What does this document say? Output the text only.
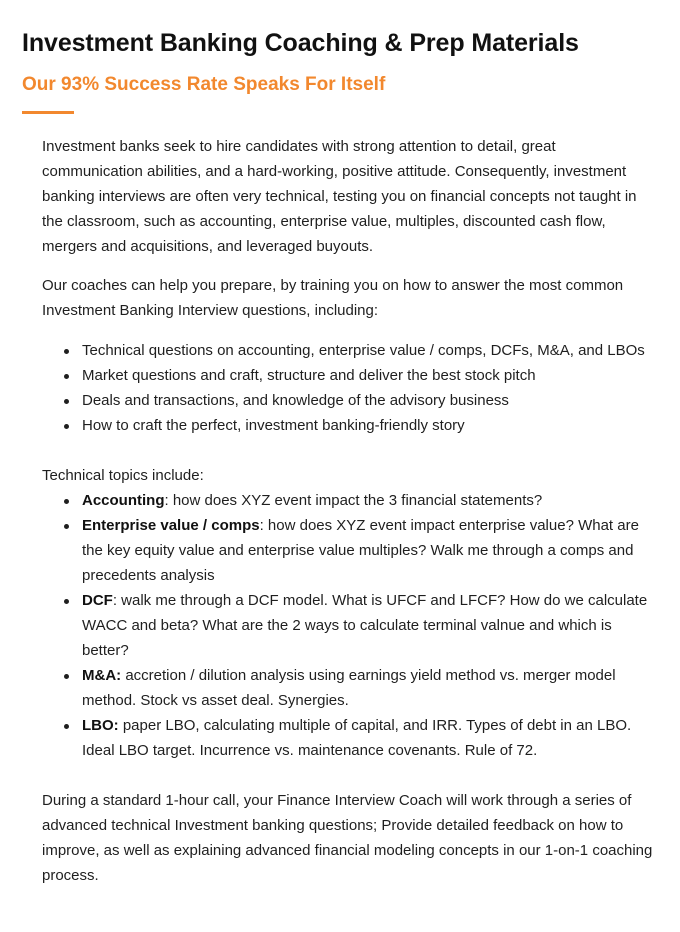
Investment Banking Coaching & Prep Materials
Our 93% Success Rate Speaks For Itself

Investment banks seek to hire candidates with strong attention to detail, great communication abilities, and a hard-working, positive attitude. Consequently, investment banking interviews are often very technical, testing you on financial concepts not taught in the classroom, such as accounting, enterprise value, multiples, discounted cash flow, mergers and acquisitions, and leveraged buyouts.

Our coaches can help you prepare, by training you on how to answer the most common Investment Banking Interview questions, including:

Technical questions on accounting, enterprise value / comps, DCFs, M&A, and LBOs
Market questions and craft, structure and deliver the best stock pitch
Deals and transactions, and knowledge of the advisory business
How to craft the perfect, investment banking-friendly story

Technical topics include:

Accounting: how does XYZ event impact the 3 financial statements?
Enterprise value / comps: how does XYZ event impact enterprise value? What are the key equity value and enterprise value multiples? Walk me through a comps and precedents analysis
DCF: walk me through a DCF model. What is UFCF and LFCF? How do we calculate WACC and beta? What are the 2 ways to calculate terminal valnue and which is better?
M&A: accretion / dilution analysis using earnings yield method vs. merger model method. Stock vs asset deal. Synergies.
LBO: paper LBO, calculating multiple of capital, and IRR. Types of debt in an LBO. Ideal LBO target. Incurrence vs. maintenance covenants. Rule of 72.

During a standard 1-hour call, your Finance Interview Coach will work through a series of advanced technical Investment banking questions; Provide detailed feedback on how to improve, as well as explaining advanced financial modeling concepts in our 1-on-1 coaching process.
